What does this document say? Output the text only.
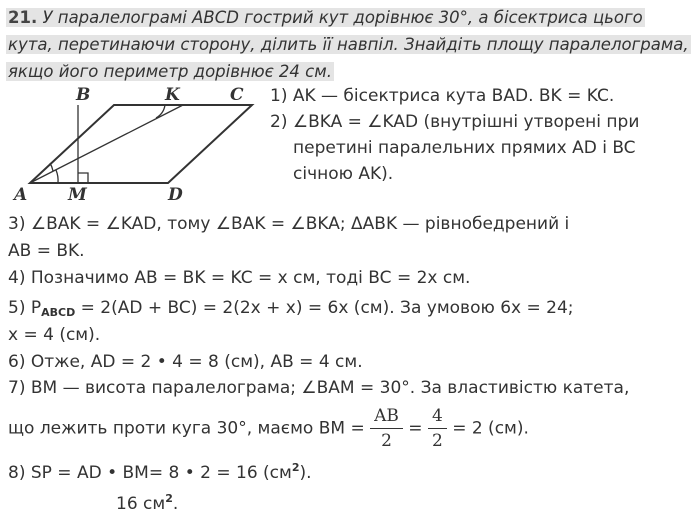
21. У паралелограмі ABCD гострий кут дорівнює 30°, а бісектриса цього кута, перетинаючи сторону, ділить її навпіл. Знайдіть площу паралелограма, якщо його периметр дорівнює 24 см.
A M	D
B	K	C 1) AK — бісектриса кута BAD. BK = KC.
2) ∠BKA = ∠KAD (внутрішні утворені при
перетині паралельних прямих AD і BC
січною AK).
3) ∠BAK = ∠KAD, тому ∠BAK = ∠BKA; ΔABK — рівнобедрений і
AB = BK.
4) Позначимо AB = BK = KC = x см, тоді BC = 2x см.
5) $P_{ABCD} = 2(AD + BC) = 2(2x + x) = 6x$ (см). За умовою 6x = 24;
x = 4 (см).
6) Отже, AD = 2 • 4 = 8 (см), AB = 4 см.
7) BM — висота паралелограма; ∠BAM = 30°. За властивістю катета,
що лежить проти куга 30°, маємо BM = $\frac{AB}{2} = \frac{4}{2} = 2$ (см).
8) SP = AD • BM= 8 • 2 = 16 $(см^2)$.
16 $см^2$.
